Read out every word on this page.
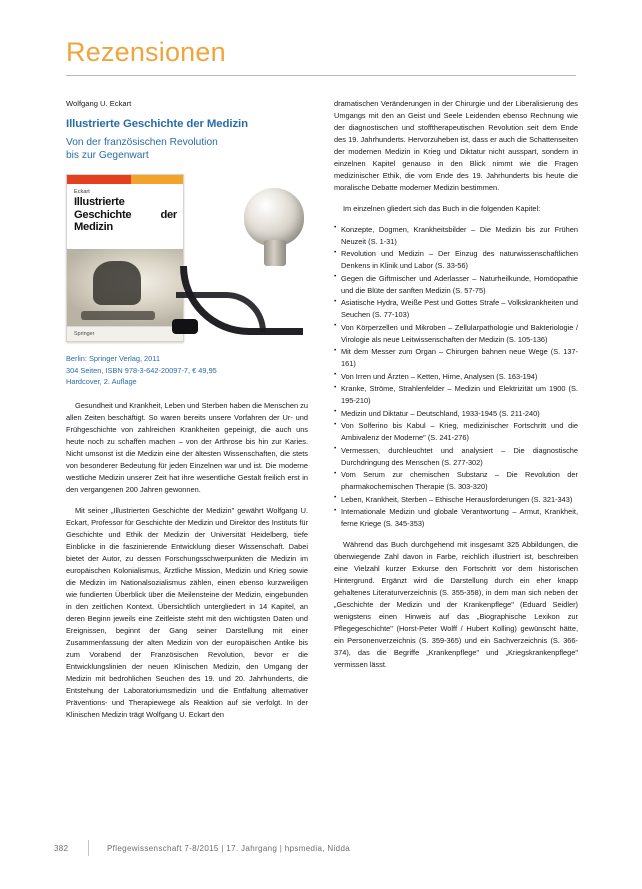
Rezensionen
Wolfgang U. Eckart
Illustrierte Geschichte der Medizin
Von der französischen Revolution
bis zur Gegenwart
Eckart
Illustrierte Geschichte der Medizin
Springer
Berlin: Springer Verlag, 2011
304 Seiten, ISBN 978-3-642-20097-7, € 49,95
Hardcover, 2. Auflage

Gesundheit und Krankheit, Leben und Sterben haben die Menschen zu allen Zeiten beschäftigt. So waren bereits unsere Vorfahren der Ur- und Frühgeschichte von zahlreichen Krankheiten gepeinigt, die auch uns heute noch zu schaffen machen – von der Arthrose bis hin zur Karies. Nicht umsonst ist die Medizin eine der ältesten Wissenschaften, die stets von besonderer Bedeutung für jeden Einzelnen war und ist. Die moderne westliche Medizin unserer Zeit hat ihre wesentliche Gestalt freilich erst in den vergangenen 200 Jahren gewonnen.

Mit seiner „Illustrierten Geschichte der Medizin" gewährt Wolfgang U. Eckart, Professor für Geschichte der Medizin und Direktor des Instituts für Geschichte und Ethik der Medizin der Universität Heidelberg, tiefe Einblicke in die faszinierende Entwicklung dieser Wissenschaft. Dabei bietet der Autor, zu dessen Forschungsschwerpunkten die Medizin im europäischen Kolonialismus, Ärztliche Mission, Medizin und Krieg sowie die Medizin im Nationalsozialismus zählen, einen ebenso kurzweiligen wie fundierten Überblick über die Meilensteine der Medizin, eingebunden in den zeitlichen Kontext. Übersichtlich untergliedert in 14 Kapitel, an deren Beginn jeweils eine Zeitleiste steht mit den wichtigsten Daten und Ereignissen, beginnt der Gang seiner Darstellung mit einer Zusammenfassung der alten Medizin von der europäischen Antike bis zum Vorabend der Französischen Revolution, bevor er die Entwicklungslinien der neuen Klinischen Medizin, den Umgang der Medizin mit bedrohlichen Seuchen des 19. und 20. Jahrhunderts, die Entstehung der Laboratoriumsmedizin und die Entfaltung alternativer Präventions- und Therapiewege als Reaktion auf sie verfolgt. In der Klinischen Medizin trägt Wolfgang U. Eckart den

dramatischen Veränderungen in der Chirurgie und der Liberalisierung des Umgangs mit den an Geist und Seele Leidenden ebenso Rechnung wie der diagnostischen und stofftherapeutischen Revolution seit dem Ende des 19. Jahrhunderts. Hervorzuheben ist, dass er auch die Schattenseiten der modernen Medizin in Krieg und Diktatur nicht ausspart, sondern in einzelnen Kapitel genauso in den Blick nimmt wie die Fragen medizinischer Ethik, die vom Ende des 19. Jahrhunderts bis heute die moralische Debatte moderner Medizin bestimmen.

Im einzelnen gliedert sich das Buch in die folgenden Kapitel:

• Konzepte, Dogmen, Krankheitsbilder – Die Medizin bis zur Frühen Neuzeit (S. 1-31)
• Revolution und Medizin – Der Einzug des naturwissenschaftlichen Denkens in Klinik und Labor (S. 33-56)
• Gegen die Giftmischer und Aderlasser – Naturheilkunde, Homöopathie und die Blüte der sanften Medizin (S. 57-75)
• Asiatische Hydra, Weiße Pest und Gottes Strafe – Volkskrankheiten und Seuchen (S. 77-103)
• Von Körperzellen und Mikroben – Zellularpathologie und Bakteriologie / Virologie als neue Leitwissenschaften der Medizin (S. 105-136)
• Mit dem Messer zum Organ – Chirurgen bahnen neue Wege (S. 137-161)
• Von Irren und Ärzten – Ketten, Hirne, Analysen (S. 163-194)
• Kranke, Ströme, Strahlenfelder – Medizin und Elektrizität um 1900 (S. 195-210)
• Medizin und Diktatur – Deutschland, 1933-1945 (S. 211-240)
• Von Solferino bis Kabul – Krieg, medizinischer Fortschritt und die Ambivalenz der Moderne" (S. 241-276)
• Vermessen, durchleuchtet und analysiert – Die diagnostische Durchdringung des Menschen (S. 277-302)
• Vom Serum zur chemischen Substanz – Die Revolution der pharmakochemischen Therapie (S. 303-320)
• Leben, Krankheit, Sterben – Ethische Herausforderungen (S. 321-343)
• Internationale Medizin und globale Verantwortung – Armut, Krankheit, ferne Kriege (S. 345-353)

Während das Buch durchgehend mit insgesamt 325 Abbildungen, die überwiegende Zahl davon in Farbe, reichlich illustriert ist, beschreiben eine Vielzahl kurzer Exkurse den Fortschritt vor dem historischen Hintergrund. Ergänzt wird die Darstellung durch ein eher knapp gehaltenes Literaturverzeichnis (S. 355-358), in dem man sich neben der „Geschichte der Medizin und der Krankenpflege" (Eduard Seidler) wenigstens einen Hinweis auf das „Biographische Lexikon zur Pflegegeschichte" (Horst-Peter Wolff / Hubert Kolling) gewünscht hätte, ein Personenverzeichnis (S. 359-365) und ein Sachverzeichnis (S. 366-374), das die Begriffe „Krankenpflege" und „Kriegskrankenpflege" vermissen lässt.

382	Pflegewissenschaft 7-8/2015 | 17. Jahrgang | hpsmedia, Nidda
